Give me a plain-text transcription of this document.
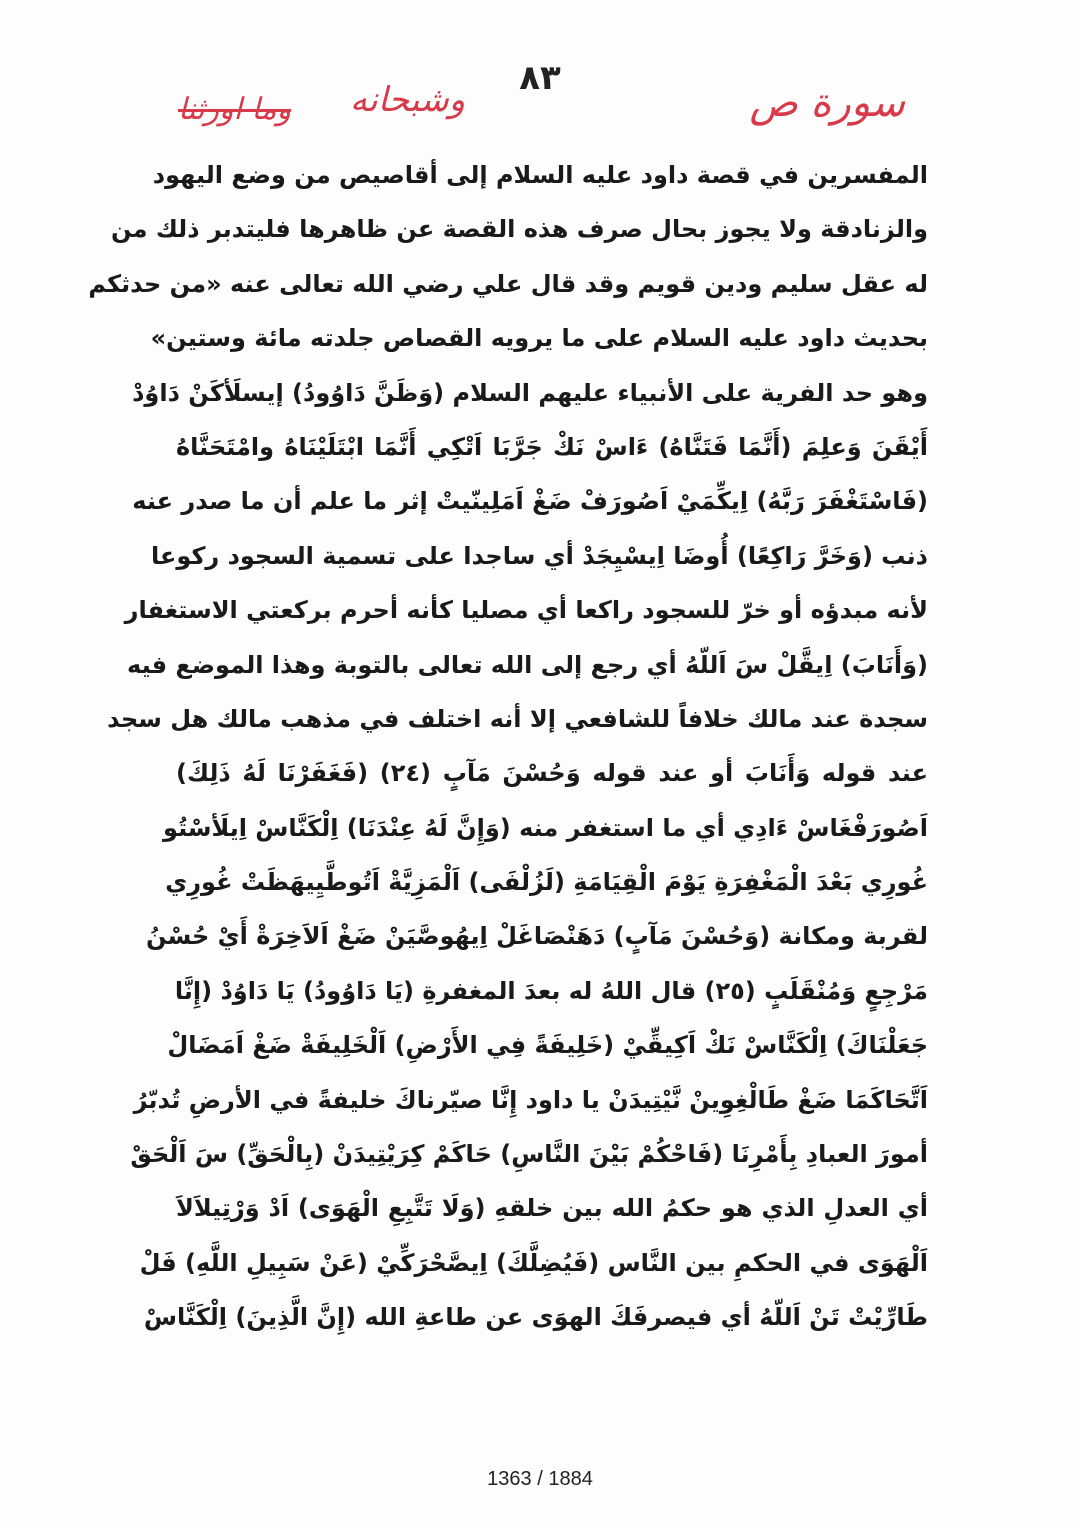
٨٣
سورة ص
وشبحانه
وما اورثنا
المفسرين في قصة داود عليه السلام إلى أقاصيص من وضع اليهود
والزنادقة ولا يجوز بحال صرف هذه القصة عن ظاهرها فليتدبر ذلك من
له عقل سليم ودين قويم وقد قال علي رضي الله تعالى عنه «من حدثكم
بحديث داود عليه السلام على ما يرويه القصاص جلدته مائة وستين»
وهو حد الفرية على الأنبياء عليهم السلام (وَظَنَّ دَاوُودُ) إيسلَأكَنْ دَاوُدْ
أَيْقَنَ وَعلِمَ (أَنَّمَا فَتَنَّاهُ) ءَاسْ نَكْ جَرَّبَا اَتْكِي أَنَّمَا ابْتَلَيْنَاهُ وامْتَحَنَّاهُ
(فَاسْتَغْفَرَ رَبَّهُ) اِيكِّمَيْ اَصُورَفْ ضَغْ اَمَلِينّيتْ إثر ما علم أن ما صدر عنه
ذنب (وَخَرَّ رَاكِعًا) أُوضَا اِيسْيِجَدْ أي ساجدا على تسمية السجود ركوعا
لأنه مبدؤه أو خرّ للسجود راكعا أي مصليا كأنه أحرم بركعتي الاستغفار
(وَأَنَابَ) اِيقَّلْ سَ اَللّهُ أي رجع إلى الله تعالى بالتوبة وهذا الموضع فيه
سجدة عند مالك خلافاً للشافعي إلا أنه اختلف في مذهب مالك هل سجد
عند قوله وَأَنَابَ أو عند قوله وَحُسْنَ مَآبٍ (٢٤) (فَغَفَرْنَا لَهُ ذَلِكَ)
اَصُورَفْغَاسْ ءَادِي أي ما استغفر منه (وَإِنَّ لَهُ عِنْدَنَا) اِلْكَنَّاسْ اِيلَأسْتُو
غُورِي بَعْدَ الْمَغْفِرَةِ يَوْمَ الْقِيَامَةِ (لَزُلْفَى) اَلْمَزِيَّةْ اَتُوطَّيِيهَظَتْ غُورِي
لقربة ومكانة (وَحُسْنَ مَآبٍ) دَهَنْصَاغَلْ اِيهُوصَّيَنْ ضَغْ اَلاَخِرَةْ أَيْ حُسْنُ
مَرْجِعٍ وَمُنْقَلَبٍ (٢٥) قال اللهُ له بعدَ المغفرةِ (يَا دَاوُودُ) يَا دَاوُدْ (إِنَّا
جَعَلْنَاكَ) اِلْكَنَّاسْ نَكْ اَكِيقِّيْ (خَلِيفَةً فِي الأَرْضِ) اَلْخَلِيفَةْ ضَغْ اَمَضَالْ
اَتَّحَاكَمَا ضَغْ طَالْغِوِينْ نَّيْتِيدَنْ يا داود إِنَّا صيّرناكَ خليفةً في الأرضِ تُدبّرُ
أمورَ العبادِ بِأَمْرِنَا (فَاحْكُمْ بَيْنَ النَّاسِ) حَاكَمْ كِرَيْتِيدَنْ (بِالْحَقِّ) سَ اَلْحَقْ
أي العدلِ الذي هو حكمُ الله بين خلقهِ (وَلَا تَتَّبِعِ الْهَوَى) اَدْ وَرْتِيلاَلاَ
اَلْهَوَى في الحكمِ بين النَّاس (فَيُضِلَّكَ) اِيصَّحْرَكِّيْ (عَنْ سَبِيلِ اللَّهِ) فَلْ
طَارِّيْتْ تَنْ اَللّهُ أي فيصرفَكَ الهوَى عن طاعةِ الله (إِنَّ الَّذِينَ) اِلْكَنَّاسْ
1363 / 1884
